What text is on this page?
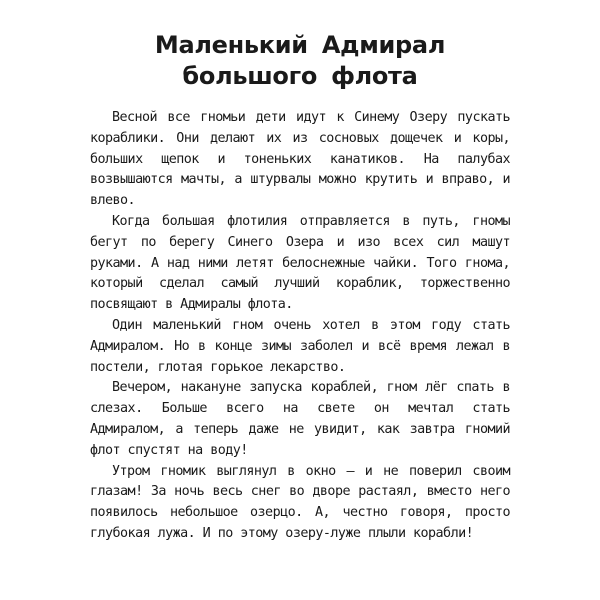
Маленький Адмирал
большого флота

Весной все гномьи дети идут к Синему Озеру пускать кораблики. Они делают их из сосновых дощечек и коры, больших щепок и тоненьких канатиков. На палубах возвышаются мачты, а штурвалы можно крутить и вправо, и влево.

Когда большая флотилия отправляется в путь, гномы бегут по берегу Синего Озера и изо всех сил машут руками. А над ними летят белоснежные чайки. Того гнома, который сделал самый лучший кораблик, торжественно посвящают в Адмиралы флота.

Один маленький гном очень хотел в этом году стать Адмиралом. Но в конце зимы заболел и всё время лежал в постели, глотая горькое лекарство.

Вечером, накануне запуска кораблей, гном лёг спать в слезах. Больше всего на свете он мечтал стать Адмиралом, а теперь даже не увидит, как завтра гномий флот спустят на воду!

Утром гномик выглянул в окно — и не поверил своим глазам! За ночь весь снег во дворе растаял, вместо него появилось небольшое озерцо. А, честно говоря, просто глубокая лужа. И по этому озеру-луже плыли корабли!
